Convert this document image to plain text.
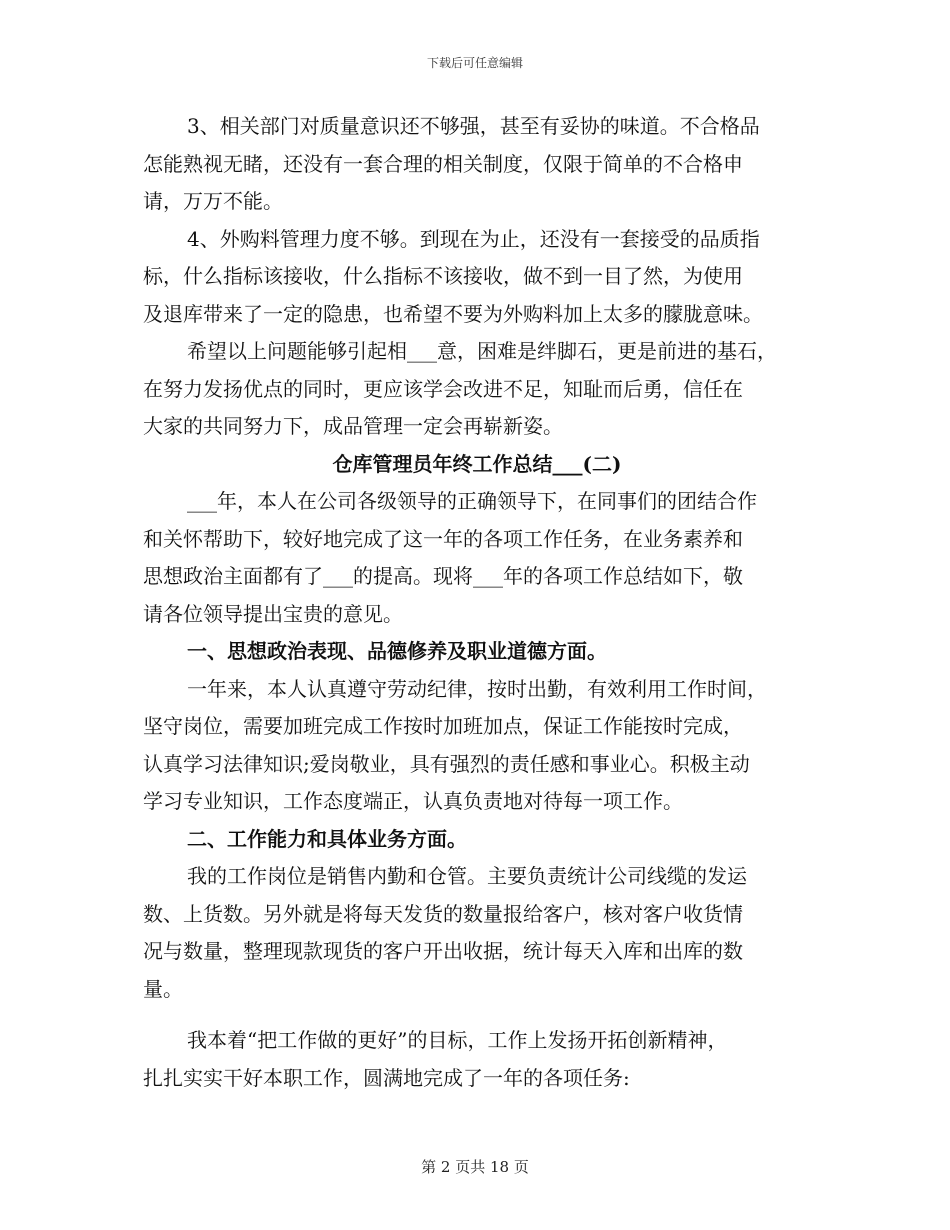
下载后可任意编辑
3、相关部门对质量意识还不够强，甚至有妥协的味道。不合格品
怎能熟视无睹，还没有一套合理的相关制度，仅限于简单的不合格申
请，万万不能。
4、外购料管理力度不够。到现在为止，还没有一套接受的品质指
标，什么指标该接收，什么指标不该接收，做不到一目了然，为使用
及退库带来了一定的隐患，也希望不要为外购料加上太多的朦胧意味。
希望以上问题能够引起相___意，困难是绊脚石，更是前进的基石，
在努力发扬优点的同时，更应该学会改进不足，知耻而后勇，信任在
大家的共同努力下，成品管理一定会再崭新姿。
仓库管理员年终工作总结___(二)
___年，本人在公司各级领导的正确领导下，在同事们的团结合作
和关怀帮助下，较好地完成了这一年的各项工作任务，在业务素养和
思想政治主面都有了___的提高。现将___年的各项工作总结如下，敬
请各位领导提出宝贵的意见。
一、思想政治表现、品德修养及职业道德方面。
一年来，本人认真遵守劳动纪律，按时出勤，有效利用工作时间，
坚守岗位，需要加班完成工作按时加班加点，保证工作能按时完成，
认真学习法律知识;爱岗敬业，具有强烈的责任感和事业心。积极主动
学习专业知识，工作态度端正，认真负责地对待每一项工作。
二、工作能力和具体业务方面。
我的工作岗位是销售内勤和仓管。主要负责统计公司线缆的发运
数、上货数。另外就是将每天发货的数量报给客户，核对客户收货情
况与数量，整理现款现货的客户开出收据，统计每天入库和出库的数
量。
我本着“把工作做的更好”的目标，工作上发扬开拓创新精神，
扎扎实实干好本职工作，圆满地完成了一年的各项任务:
第 2 页共 18 页
